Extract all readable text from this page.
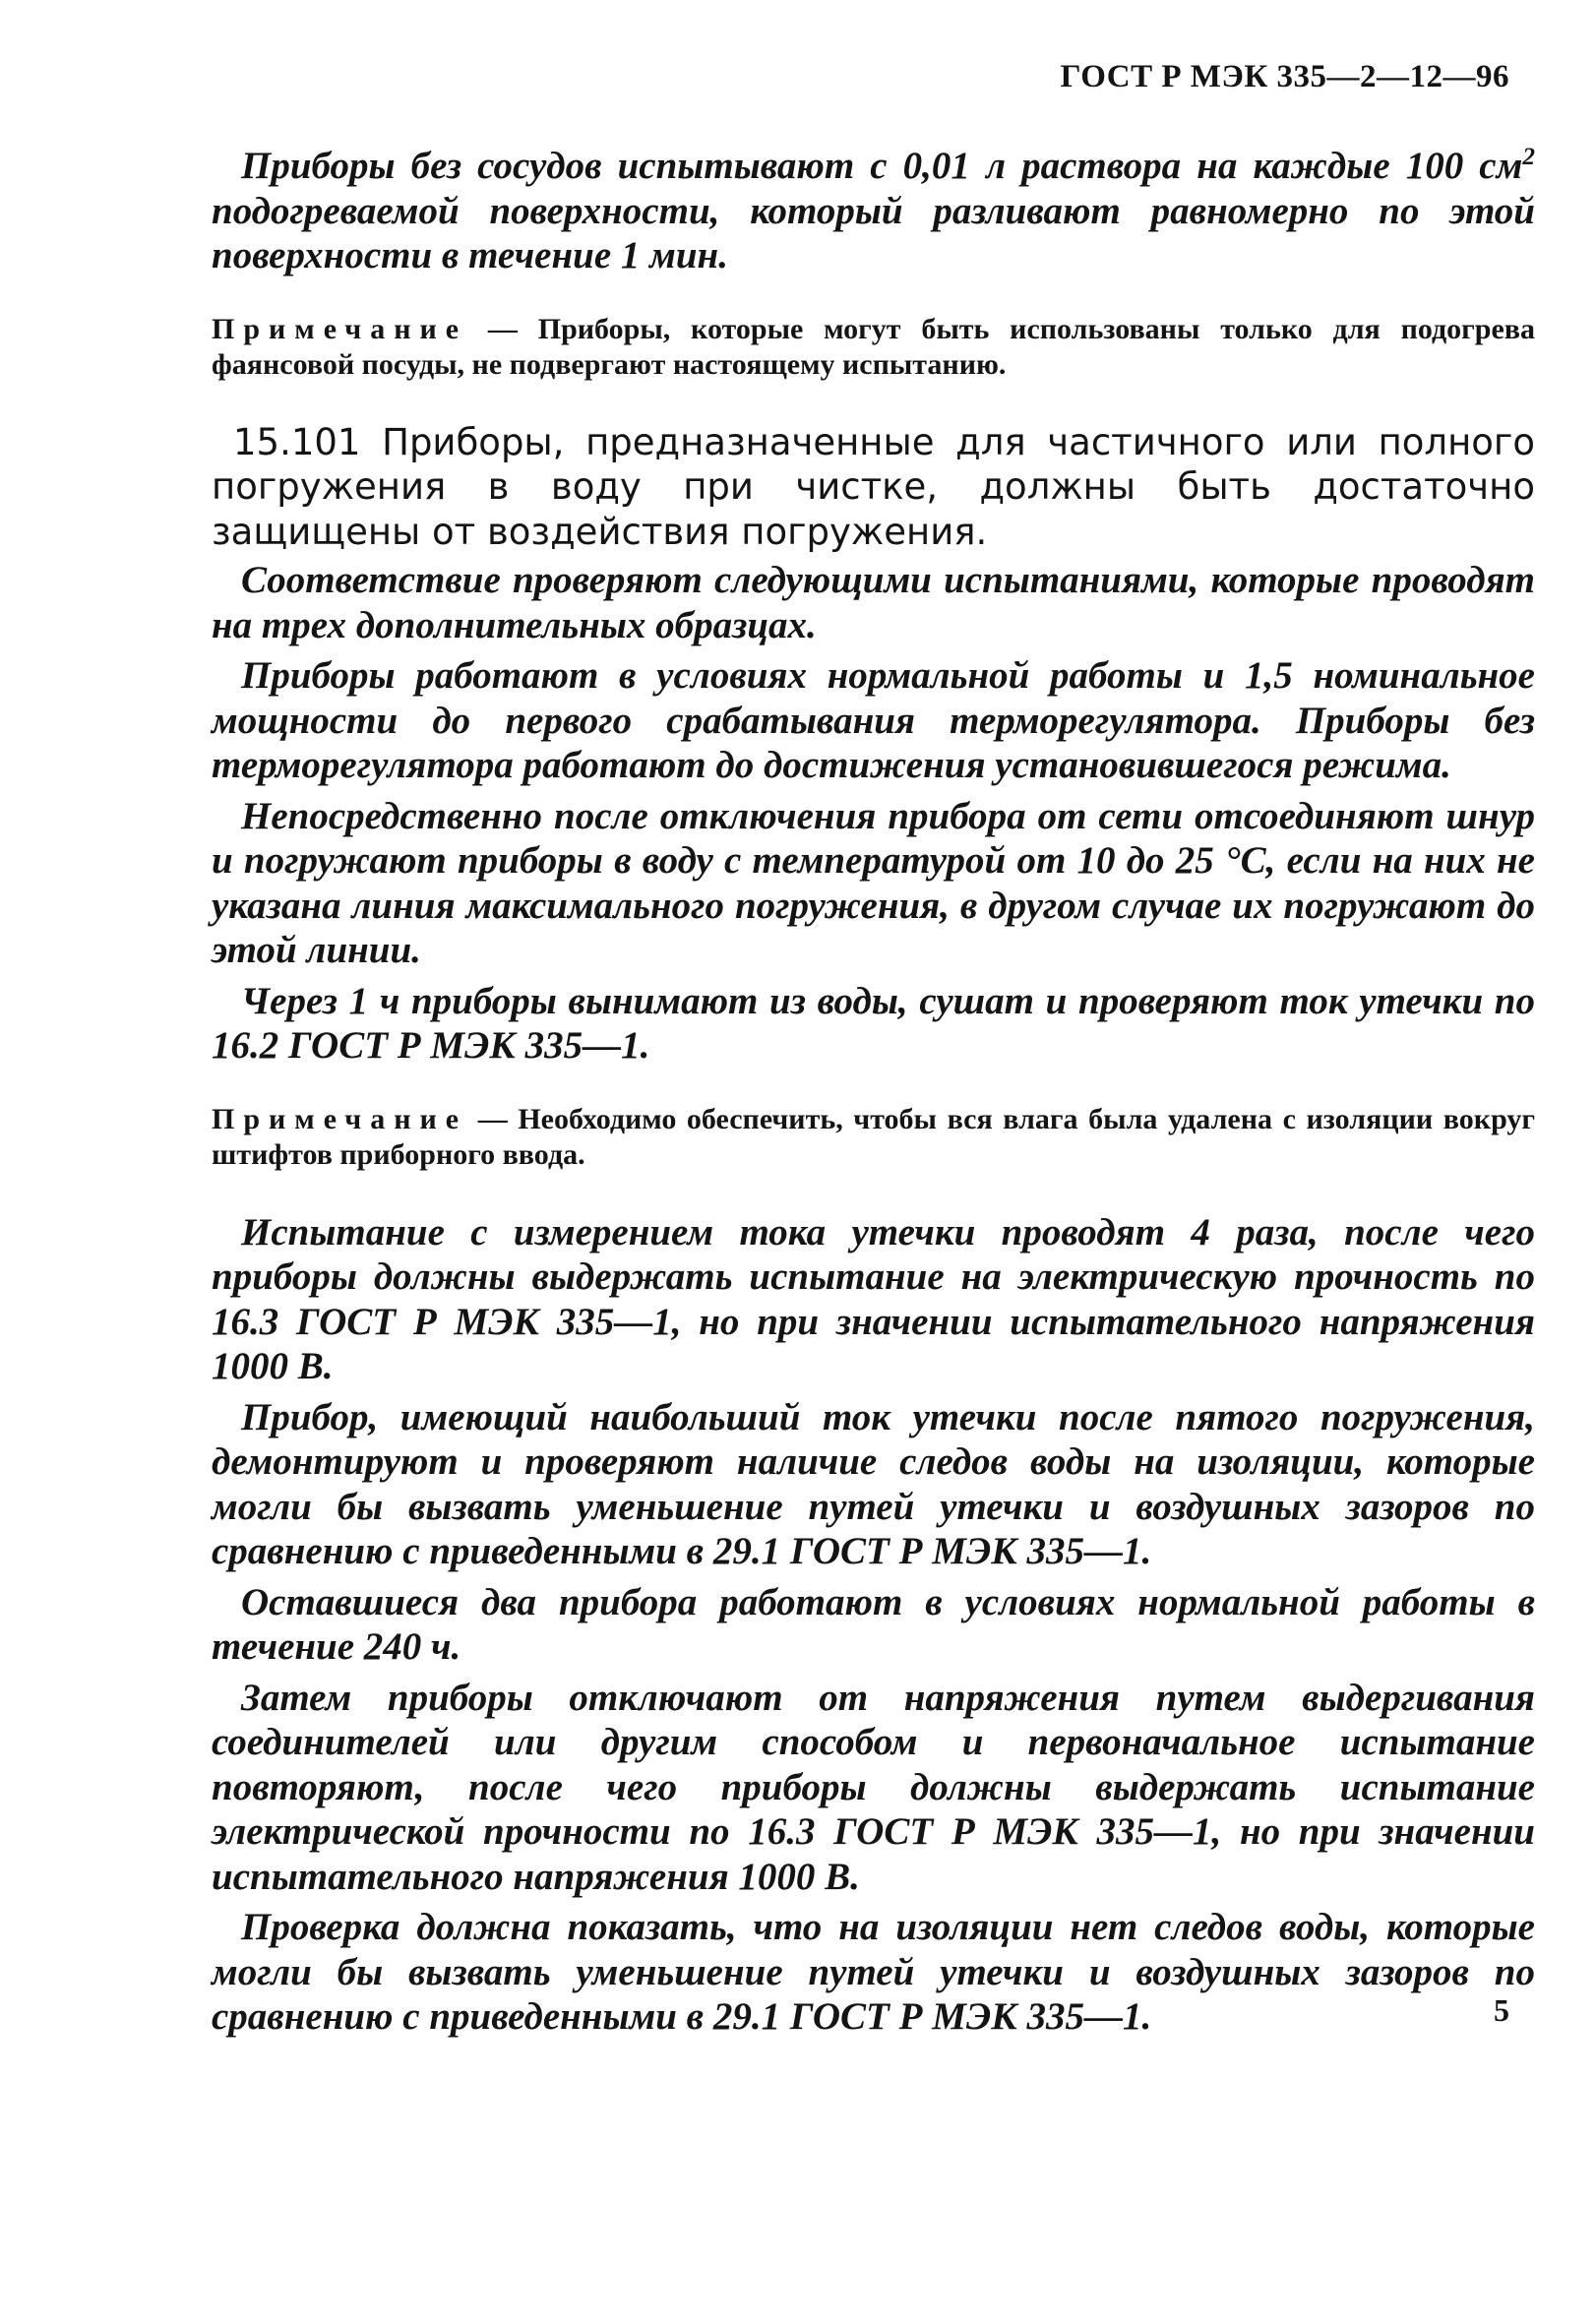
ГОСТ Р МЭК 335—2—12—96

Приборы без сосудов испытывают с 0,01 л раствора на каждые 100 $см^2$ подогреваемой поверхности, который разливают равномерно по этой поверхности в течение 1 мин.

Примечание — Приборы, которые могут быть использованы только для подогрева фаянсовой посуды, не подвергают настоящему испытанию.

15.101 Приборы, предназначенные для частичного или полного погружения в воду при чистке, должны быть достаточно защищены от воздействия погружения.

Соответствие проверяют следующими испытаниями, которые проводят на трех дополнительных образцах.

Приборы работают в условиях нормальной работы и 1,5 номинальное мощности до первого срабатывания терморегулятора. Приборы без терморегулятора работают до достижения установившегося режима.

Непосредственно после отключения прибора от сети отсоединяют шнур и погружают приборы в воду с температурой от 10 до 25 °С, если на них не указана линия максимального погружения, в другом случае их погружают до этой линии.

Через 1 ч приборы вынимают из воды, сушат и проверяют ток утечки по 16.2 ГОСТ Р МЭК 335—1.

Примечание — Необходимо обеспечить, чтобы вся влага была удалена с изоляции вокруг штифтов приборного ввода.

Испытание с измерением тока утечки проводят 4 раза, после чего приборы должны выдержать испытание на электрическую прочность по 16.3 ГОСТ Р МЭК 335—1, но при значении испытательного напряжения 1000 В.

Прибор, имеющий наибольший ток утечки после пятого погружения, демонтируют и проверяют наличие следов воды на изоляции, которые могли бы вызвать уменьшение путей утечки и воздушных зазоров по сравнению с приведенными в 29.1 ГОСТ Р МЭК 335—1.

Оставшиеся два прибора работают в условиях нормальной работы в течение 240 ч.

Затем приборы отключают от напряжения путем выдергивания соединителей или другим способом и первоначальное испытание повторяют, после чего приборы должны выдержать испытание электрической прочности по 16.3 ГОСТ Р МЭК 335—1, но при значении испытательного напряжения 1000 В.

Проверка должна показать, что на изоляции нет следов воды, которые могли бы вызвать уменьшение путей утечки и воздушных зазоров по сравнению с приведенными в 29.1 ГОСТ Р МЭК 335—1.	5
